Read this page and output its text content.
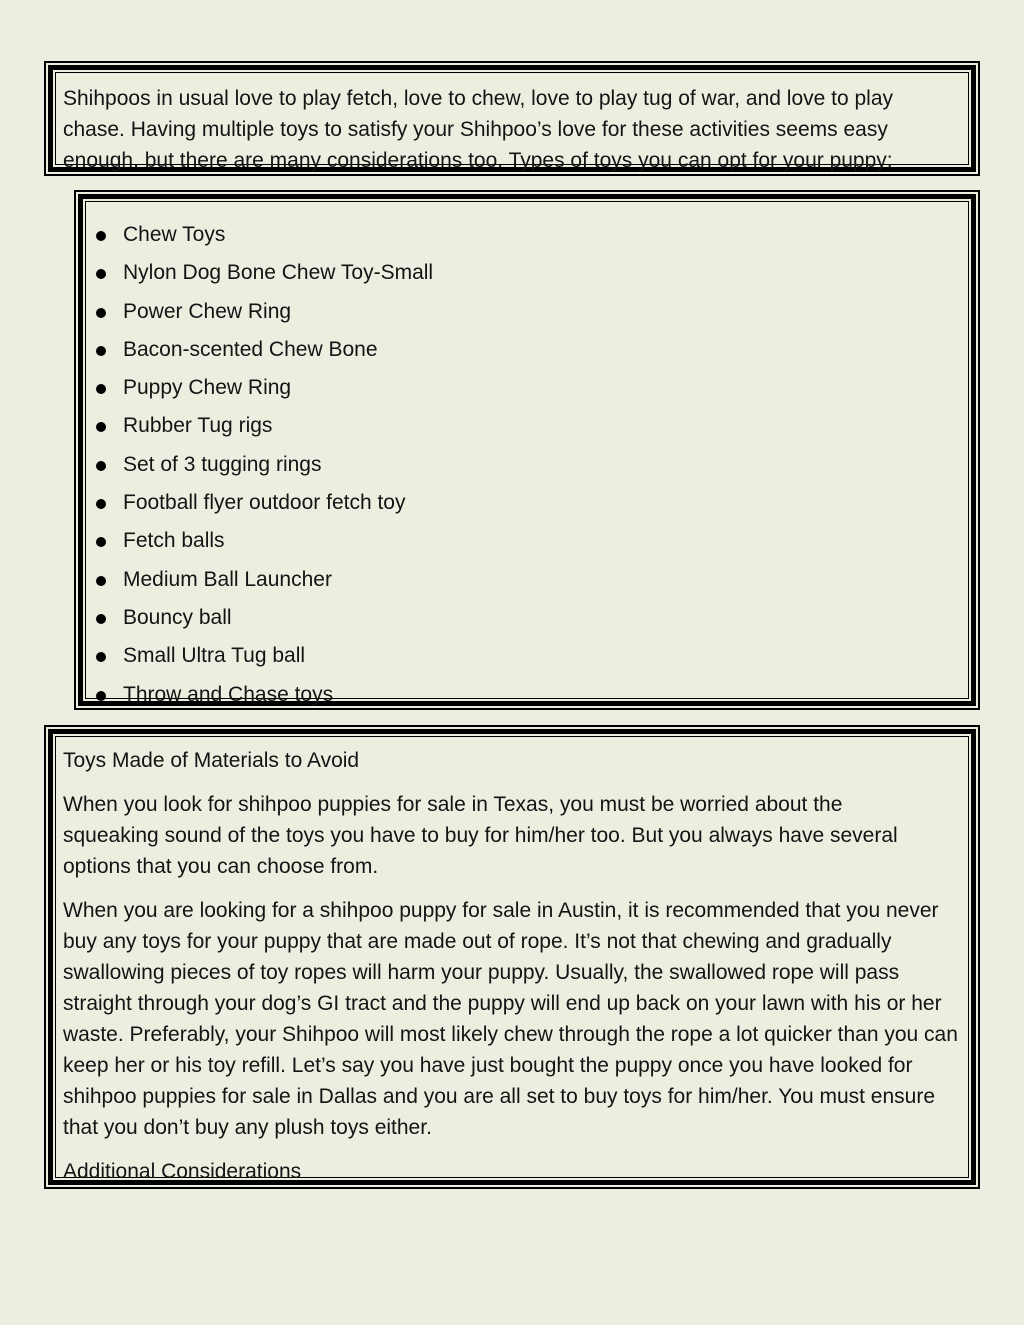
Shihpoos in usual love to play fetch, love to chew, love to play tug of war, and love to play chase. Having multiple toys to satisfy your Shihpoo’s love for these activities seems easy enough, but there are many considerations too. Types of toys you can opt for your puppy:

Chew Toys
Nylon Dog Bone Chew Toy-Small
Power Chew Ring
Bacon-scented Chew Bone
Puppy Chew Ring
Rubber Tug rigs
Set of 3 tugging rings
Football flyer outdoor fetch toy
Fetch balls
Medium Ball Launcher
Bouncy ball
Small Ultra Tug ball
Throw and Chase toys

Toys Made of Materials to Avoid

When you look for shihpoo puppies for sale in Texas, you must be worried about the squeaking sound of the toys you have to buy for him/her too. But you always have several options that you can choose from.

When you are looking for a shihpoo puppy for sale in Austin, it is recommended that you never buy any toys for your puppy that are made out of rope. It’s not that chewing and gradually swallowing pieces of toy ropes will harm your puppy. Usually, the swallowed rope will pass straight through your dog’s GI tract and the puppy will end up back on your lawn with his or her waste. Preferably, your Shihpoo will most likely chew through the rope a lot quicker than you can keep her or his toy refill. Let’s say you have just bought the puppy once you have looked for shihpoo puppies for sale in Dallas and you are all set to buy toys for him/her. You must ensure that you don’t buy any plush toys either.

Additional Considerations
